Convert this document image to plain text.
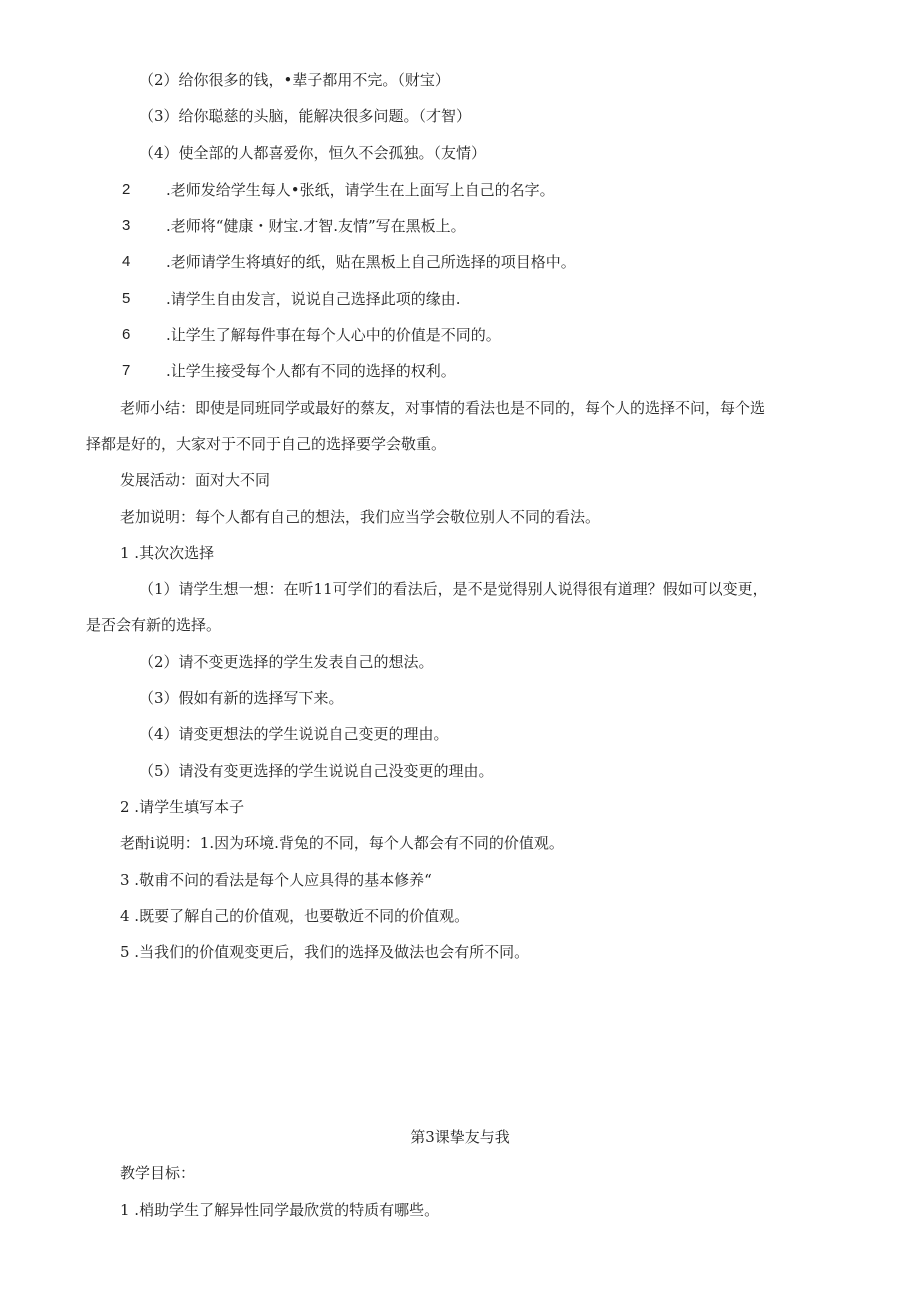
（2）给你很多的钱，•辈子都用不完。（财宝）
（3）给你聪慈的头脑，能解决很多问题。（才智）
（4）使全部的人都喜爱你，恒久不会孤独。（友情）
2 .老师发给学生每人•张纸，请学生在上面写上自己的名字。
3 .老师将“健康・财宝.才智.友情”写在黑板上。
4 .老师请学生将填好的纸，贴在黑板上自己所选择的项目格中。
5 .请学生自由发言，说说自己选择此项的缘由.
6 .让学生了解每件事在每个人心中的价值是不同的。
7 .让学生接受每个人都有不同的选择的权利。
老师小结：即使是同班同学或最好的蔡友，对事情的看法也是不同的，每个人的选择不问，每个选
择都是好的，大家对于不同于自己的选择要学会敬重。
发展活动：面对大不同
老加说明：每个人都有自己的想法，我们应当学会敬位别人不同的看法。
1 .其次次选择
（1）请学生想一想：在听11可学们的看法后，是不是觉得别人说得很有道理？假如可以变更，
是否会有新的选择。
（2）请不变更选择的学生发表自己的想法。
（3）假如有新的选择写下来。
（4）请变更想法的学生说说自己变更的理由。
（5）请没有变更选择的学生说说自己没变更的理由。
2 .请学生填写本子
老酎i说明：1.因为环境.背兔的不同，每个人都会有不同的价值观。
3 .敬甫不问的看法是每个人应具得的基本修养“
4 .既要了解自己的价值观，也要敬近不同的价值观。
5 .当我们的价值观变更后，我们的选择及做法也会有所不同。
第3课挚友与我
教学目标：
1 .梢助学生了解异性同学最欣赏的特质有哪些。
